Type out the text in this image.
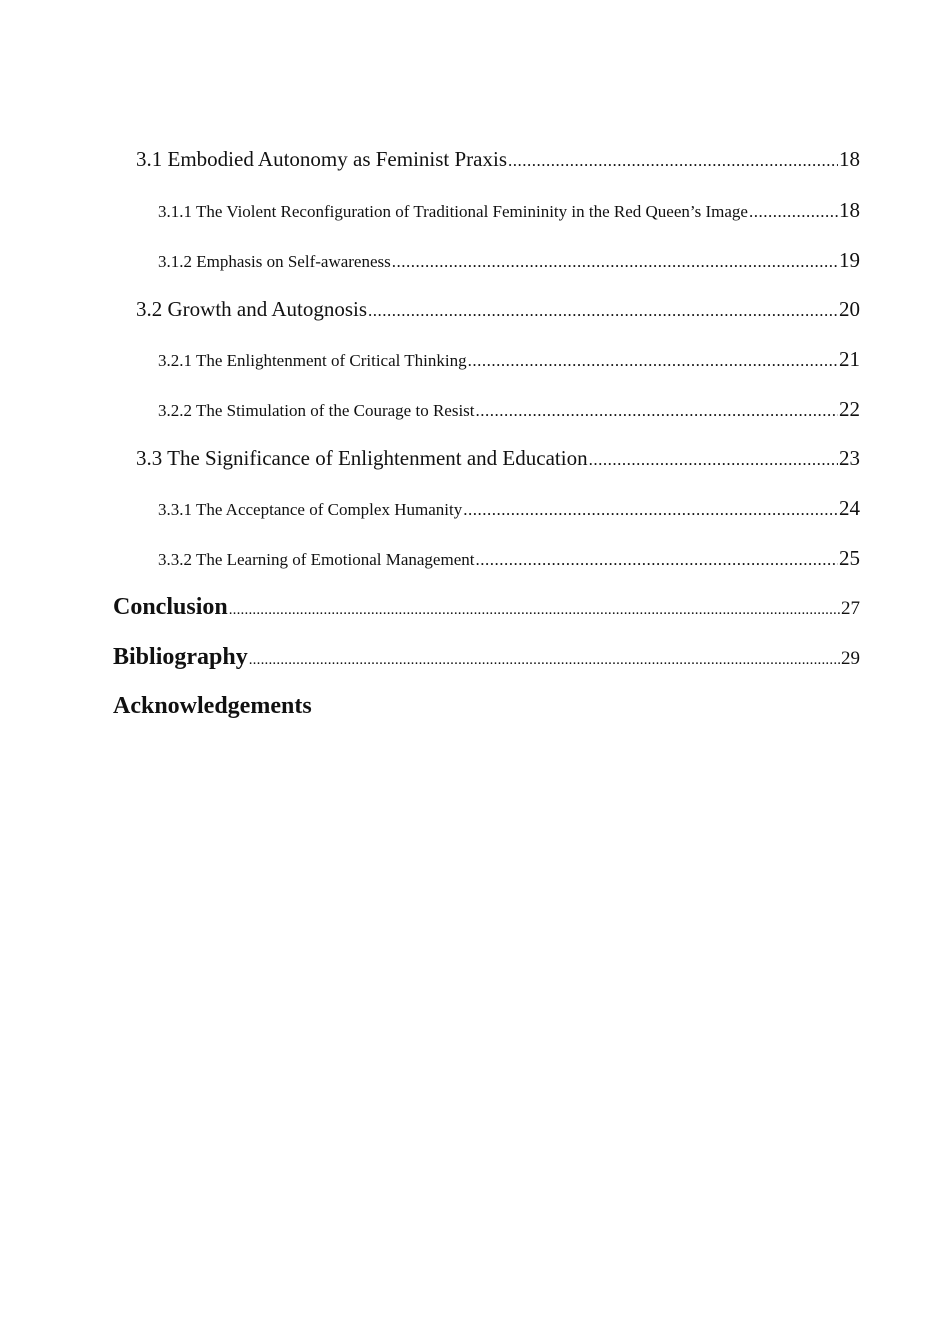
3.1 Embodied Autonomy as Feminist Praxis .....	18
3.1.1 The Violent Reconfiguration of Traditional Femininity in the Red Queen’s Image .....	18
3.1.2 Emphasis on Self-awareness .....	19
3.2 Growth and Autognosis .....	20
3.2.1 The Enlightenment of Critical Thinking .....	21
3.2.2 The Stimulation of the Courage to Resist .....	22
3.3 The Significance of Enlightenment and Education .....	23
3.3.1 The Acceptance of Complex Humanity .....	24
3.3.2 The Learning of Emotional Management .....	25
Conclusion .....	27
Bibliography .....	29
Acknowledgements
